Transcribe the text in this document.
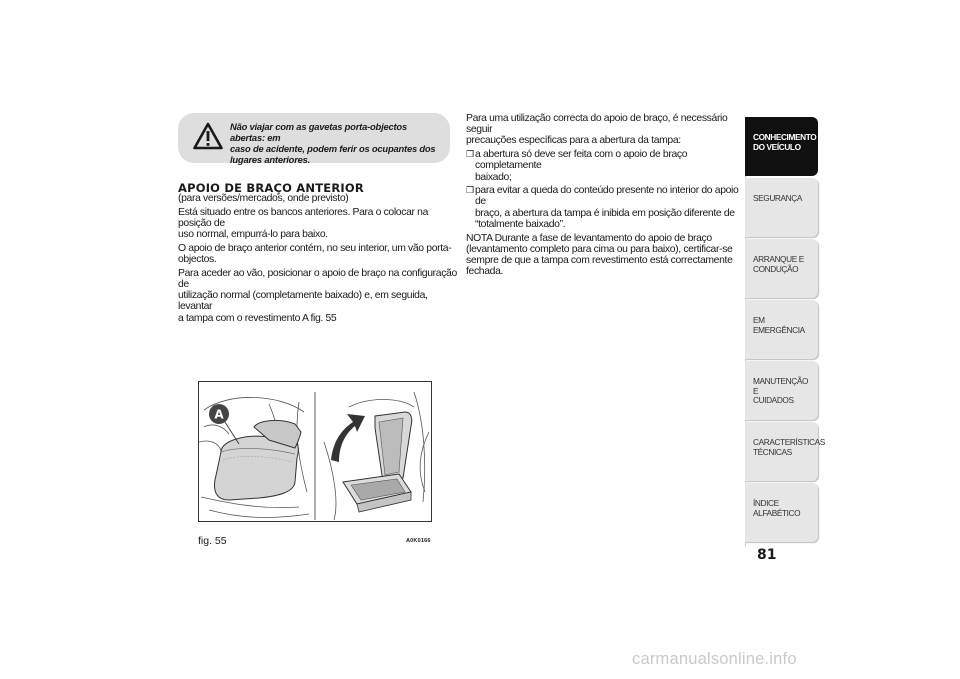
Não viajar com as gavetas porta-objectos abertas: em
caso de acidente, podem ferir os ocupantes dos
lugares anteriores.
APOIO DE BRAÇO ANTERIOR

(para versões/mercados, onde previsto)

Está situado entre os bancos anteriores. Para o colocar na posição de
uso normal, empurrá-lo para baixo.

O apoio de braço anterior contém, no seu interior, um vão porta-
objectos.

Para aceder ao vão, posicionar o apoio de braço na configuração de
utilização normal (completamente baixado) e, em seguida, levantar
a tampa com o revestimento A fig. 55

Para uma utilização correcta do apoio de braço, é necessário seguir
precauções específicas para a abertura da tampa:

❒a abertura só deve ser feita com o apoio de braço completamente
baixado;

❒para evitar a queda do conteúdo presente no interior do apoio de
braço, a abertura da tampa é inibida em posição diferente de
“totalmente baixado”.

NOTA Durante a fase de levantamento do apoio de braço
(levantamento completo para cima ou para baixo), certificar-se
sempre de que a tampa com revestimento está correctamente fechada.

A
fig. 55	A0K0166
CONHECIMENTO
DO VEÍCULO
SEGURANÇA
ARRANQUE E
CONDUÇÃO
EM EMERGÊNCIA
MANUTENÇÃO E
CUIDADOS
CARACTERÍSTICAS
TÉCNICAS
ÍNDICE ALFABÉTICO
81
carmanualsonline.info
